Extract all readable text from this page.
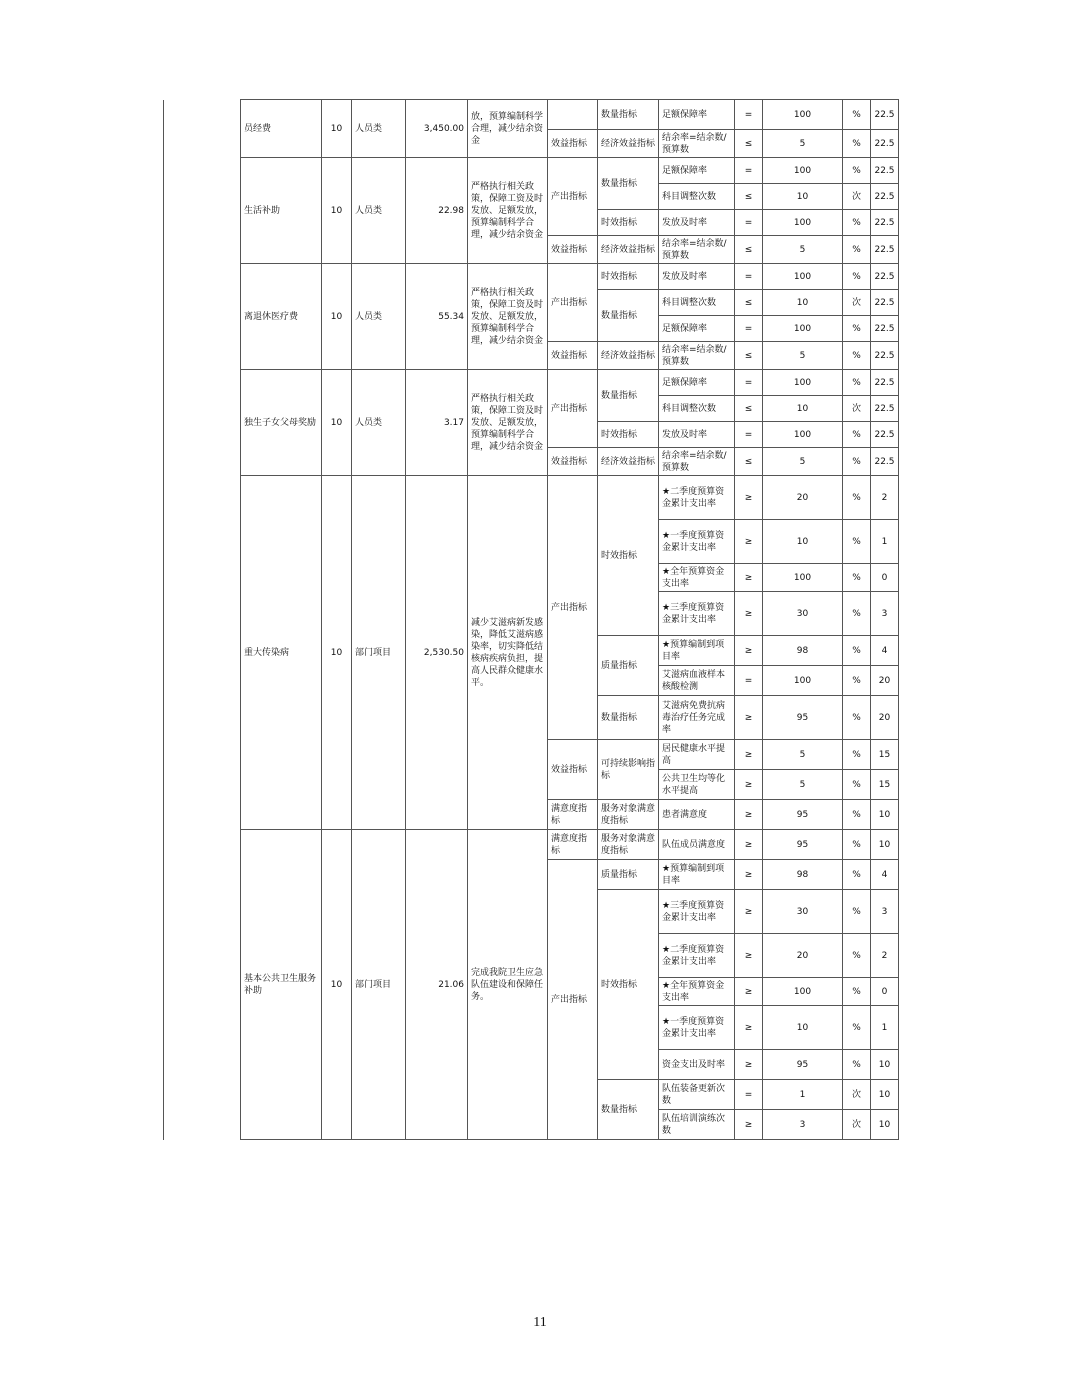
	员经费	10	人员类	3,450.00	放，预算编制科学合理，减少结余资金		数量指标	足额保障率	=	100	%	22.5
						效益指标	经济效益指标	结余率=结余数/预算数	≤	5	%	22.5
	生活补助	10	人员类	22.98	严格执行相关政策，保障工资及时发放、足额发放，预算编制科学合理，减少结余资金	产出指标	数量指标	足额保障率	=	100	%	22.5
								科目调整次数	≤	10	次	22.5
							时效指标	发放及时率	=	100	%	22.5
						效益指标	经济效益指标	结余率=结余数/预算数	≤	5	%	22.5
	离退休医疗费	10	人员类	55.34	严格执行相关政策，保障工资及时发放、足额发放，预算编制科学合理，减少结余资金	产出指标	时效指标	发放及时率	=	100	%	22.5
							数量指标	科目调整次数	≤	10	次	22.5
								足额保障率	=	100	%	22.5
						效益指标	经济效益指标	结余率=结余数/预算数	≤	5	%	22.5
	独生子女父母奖励	10	人员类	3.17	严格执行相关政策，保障工资及时发放、足额发放，预算编制科学合理，减少结余资金	产出指标	数量指标	足额保障率	=	100	%	22.5
								科目调整次数	≤	10	次	22.5
							时效指标	发放及时率	=	100	%	22.5
						效益指标	经济效益指标	结余率=结余数/预算数	≤	5	%	22.5
	重大传染病	10	部门项目	2,530.50	减少艾滋病新发感染，降低艾滋病感染率，切实降低结核病疾病负担，提高人民群众健康水平。	产出指标	时效指标	★二季度预算资金累计支出率	≥	20	%	2
								★一季度预算资金累计支出率	≥	10	%	1
								★全年预算资金支出率	≥	100	%	0
								★三季度预算资金累计支出率	≥	30	%	3
							质量指标	★预算编制到项目率	≥	98	%	4
								艾滋病血液样本核酸检测	=	100	%	20
							数量指标	艾滋病免费抗病毒治疗任务完成率	≥	95	%	20
						效益指标	可持续影响指标	居民健康水平提高	≥	5	%	15
								公共卫生均等化水平提高	≥	5	%	15
						满意度指标	服务对象满意度指标	患者满意度	≥	95	%	10
	基本公共卫生服务补助	10	部门项目	21.06	完成我院卫生应急队伍建设和保障任务。	满意度指标	服务对象满意度指标	队伍成员满意度	≥	95	%	10
						产出指标	质量指标	★预算编制到项目率	≥	98	%	4
							时效指标	★三季度预算资金累计支出率	≥	30	%	3
								★二季度预算资金累计支出率	≥	20	%	2
								★全年预算资金支出率	≥	100	%	0
								★一季度预算资金累计支出率	≥	10	%	1
								资金支出及时率	≥	95	%	10
							数量指标	队伍装备更新次数	=	1	次	10
								队伍培训演练次数	≥	3	次	10
11
